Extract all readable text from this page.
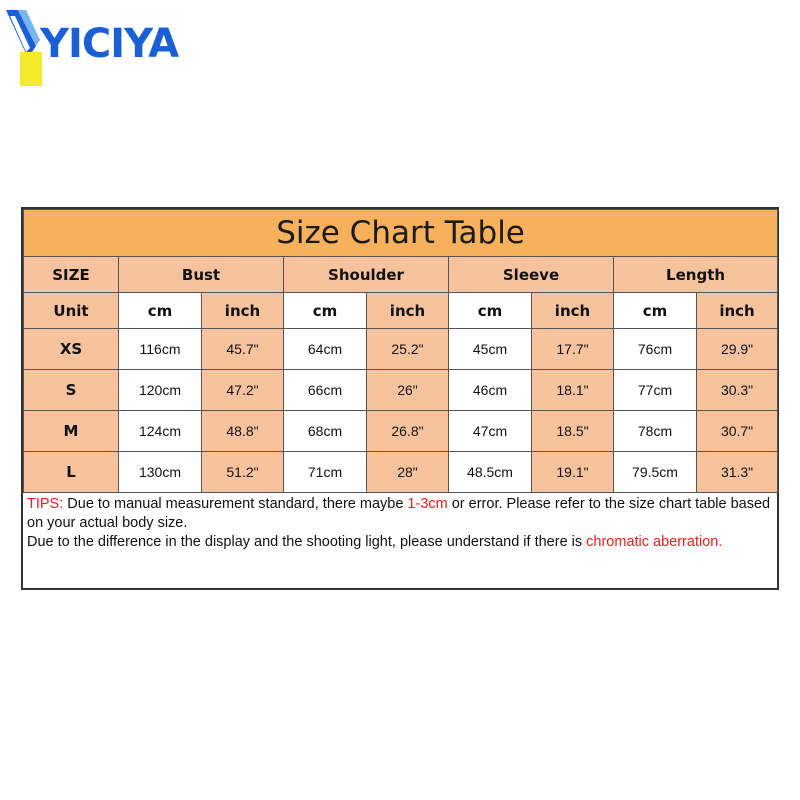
YICIYA
Size Chart Table								
SIZE	Bust		Shoulder		Sleeve		Length	
Unit	cm	inch	cm	inch	cm	inch	cm	inch
XS	116cm	45.7"	64cm	25.2"	45cm	17.7"	76cm	29.9"
S	120cm	47.2"	66cm	26"	46cm	18.1"	77cm	30.3"
M	124cm	48.8"	68cm	26.8"	47cm	18.5"	78cm	30.7"
L	130cm	51.2"	71cm	28"	48.5cm	19.1"	79.5cm	31.3"
TIPS: Due to manual measurement standard, there maybe 1-3cm or error. Please refer to the size chart table based on your actual body size.
Due to the difference in the display and the shooting light, please understand if there is chromatic aberration.
